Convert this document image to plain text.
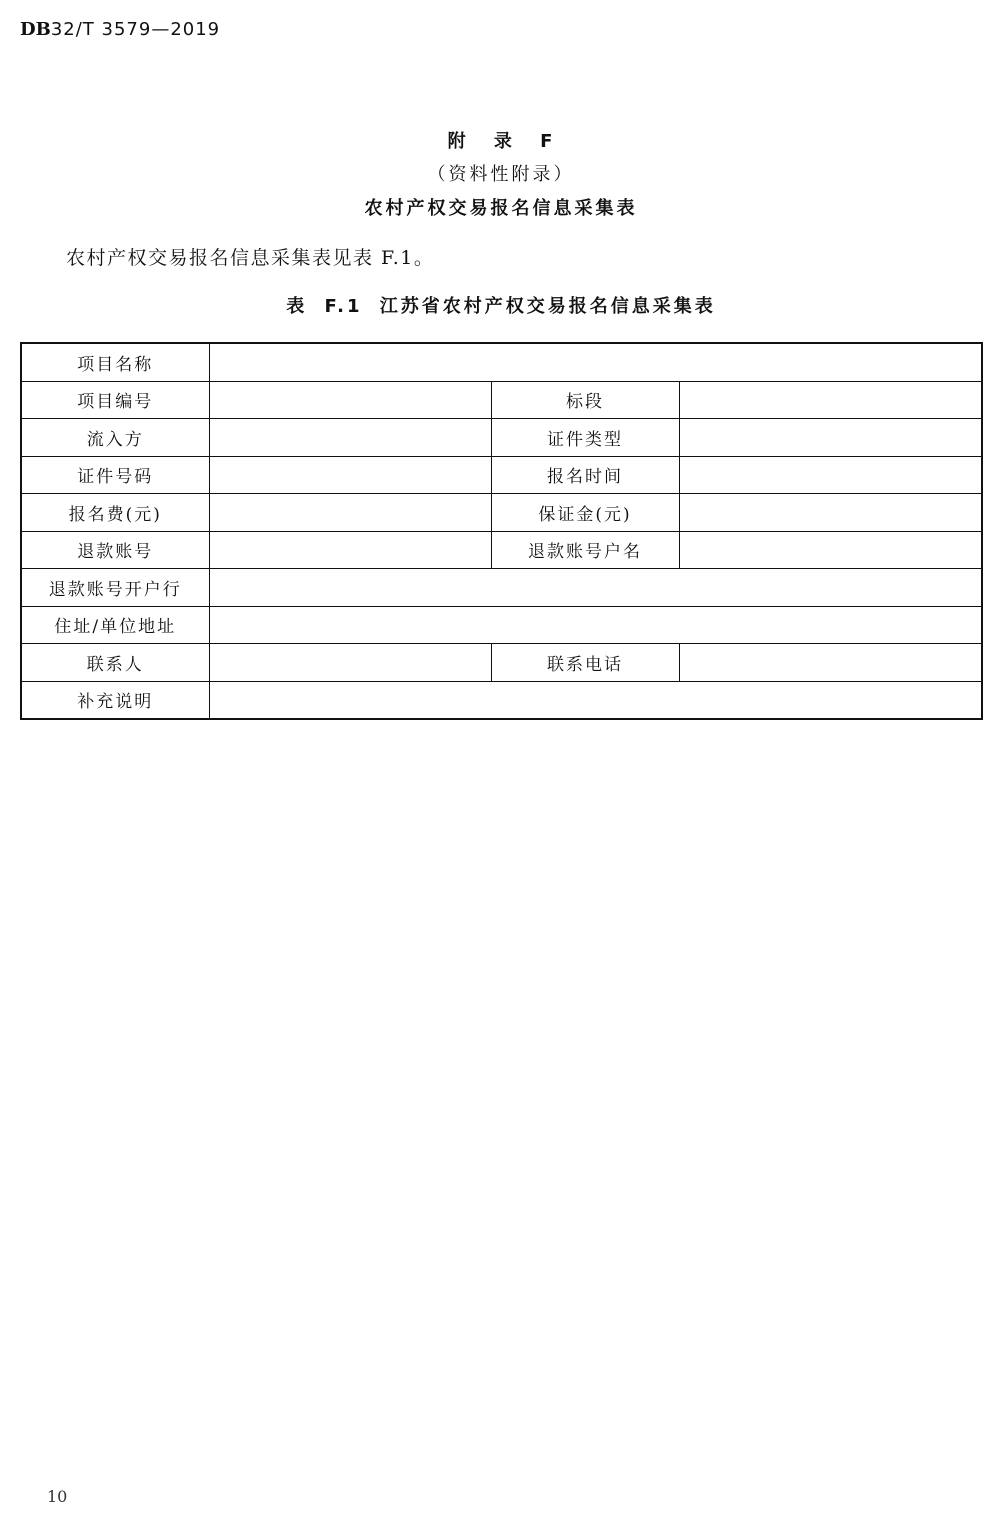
DB32/T 3579—2019
附 录 F
（资料性附录）
农村产权交易报名信息采集表
农村产权交易报名信息采集表见表 F.1。
表 F.1 江苏省农村产权交易报名信息采集表
项目名称			
项目编号		标段	
流入方		证件类型	
证件号码		报名时间	
报名费(元)		保证金(元)	
退款账号		退款账号户名	
退款账号开户行			
住址/单位地址			
联系人		联系电话	
补充说明			
10
